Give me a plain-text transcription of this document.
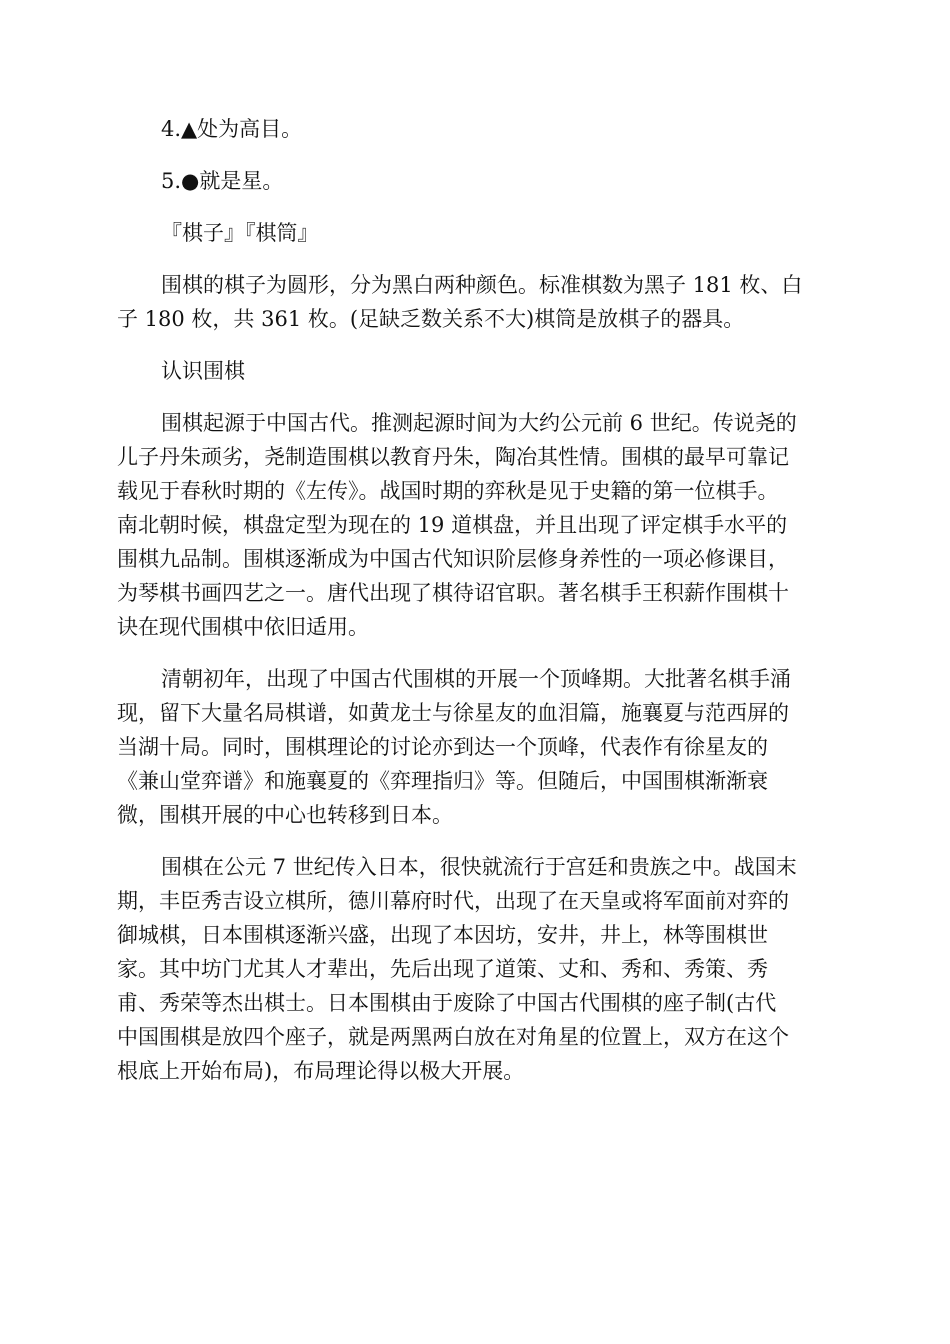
4.▲处为高目。

5.●就是星。

『棋子』『棋筒』

围棋的棋子为圆形，分为黑白两种颜色。标准棋数为黑子 181 枚、白
子 180 枚，共 361 枚。(足缺乏数关系不大)棋筒是放棋子的器具。

认识围棋

围棋起源于中国古代。推测起源时间为大约公元前 6 世纪。传说尧的
儿子丹朱顽劣，尧制造围棋以教育丹朱，陶冶其性情。围棋的最早可靠记
载见于春秋时期的《左传》。战国时期的弈秋是见于史籍的第一位棋手。
南北朝时候，棋盘定型为现在的 19 道棋盘，并且出现了评定棋手水平的
围棋九品制。围棋逐渐成为中国古代知识阶层修身养性的一项必修课目，
为琴棋书画四艺之一。唐代出现了棋待诏官职。著名棋手王积薪作围棋十
诀在现代围棋中依旧适用。
清朝初年，出现了中国古代围棋的开展一个顶峰期。大批著名棋手涌
现，留下大量名局棋谱，如黄龙士与徐星友的血泪篇，施襄夏与范西屏的
当湖十局。同时，围棋理论的讨论亦到达一个顶峰，代表作有徐星友的
《兼山堂弈谱》和施襄夏的《弈理指归》等。但随后，中国围棋渐渐衰
微，围棋开展的中心也转移到日本。
围棋在公元 7 世纪传入日本，很快就流行于宫廷和贵族之中。战国末
期，丰臣秀吉设立棋所，德川幕府时代，出现了在天皇或将军面前对弈的
御城棋，日本围棋逐渐兴盛，出现了本因坊，安井，井上，林等围棋世
家。其中坊门尤其人才辈出，先后出现了道策、丈和、秀和、秀策、秀
甫、秀荣等杰出棋士。日本围棋由于废除了中国古代围棋的座子制(古代
中国围棋是放四个座子，就是两黑两白放在对角星的位置上，双方在这个
根底上开始布局)，布局理论得以极大开展。
